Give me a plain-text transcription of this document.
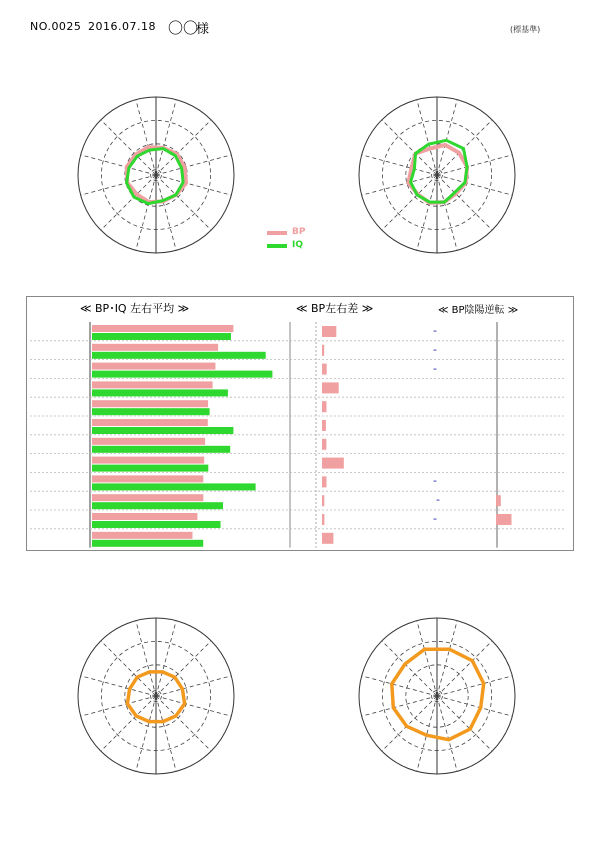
NO.0025 2016.07.18 〇〇
様	(標基準)
BP
IQ
≪ BP･IQ 左右平均 ≫	≪ BP左右差 ≫	≪ BP陰陽逆転 ≫
-
-
-
-
-
-
